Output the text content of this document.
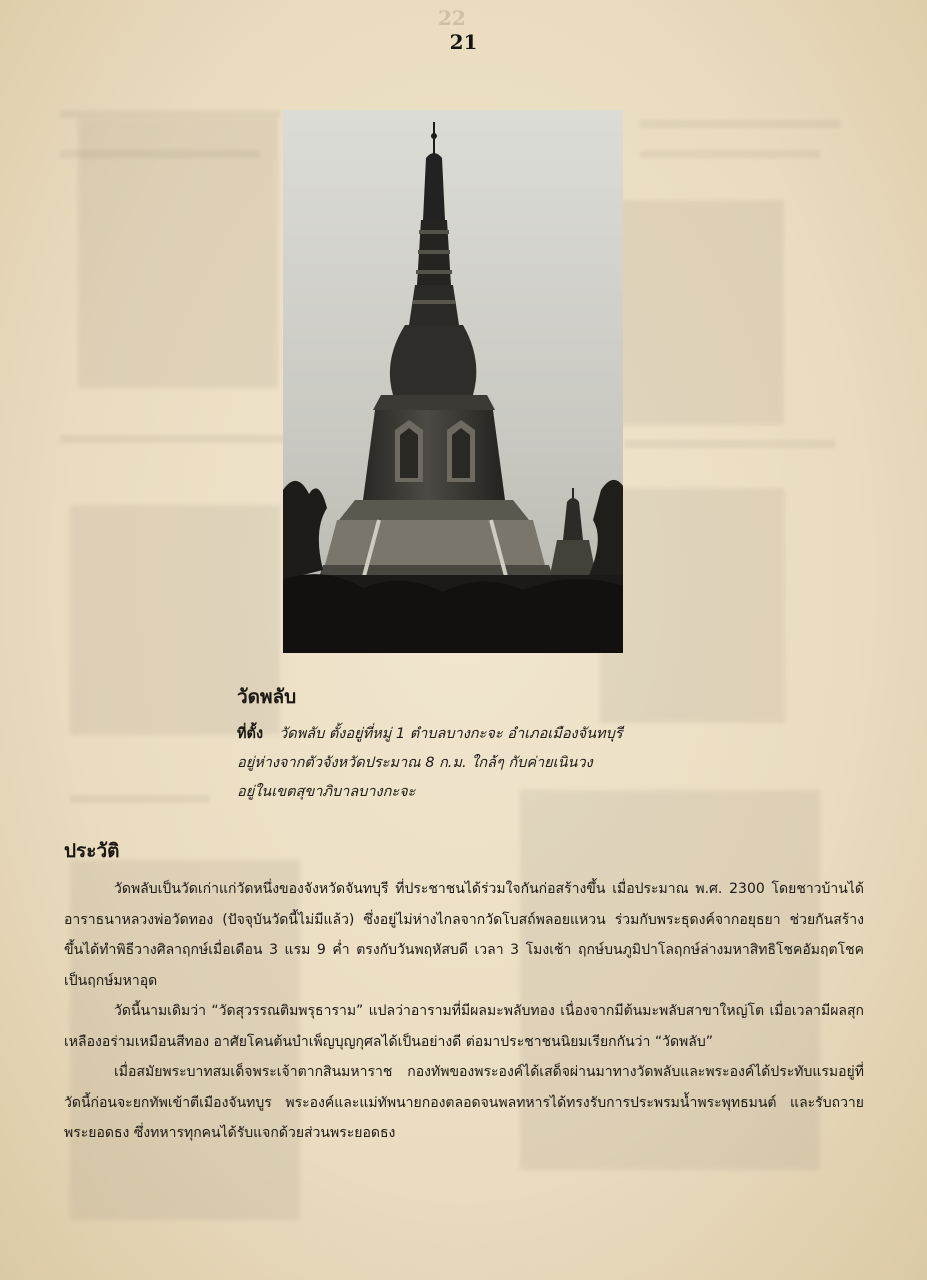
22
21
วัดพลับ
ที่ตั้ง วัดพลับ ตั้งอยู่ที่หมู่ 1 ตำบลบางกะจะ อำเภอเมืองจันทบุรี
อยู่ห่างจากตัวจังหวัดประมาณ 8 ก.ม. ใกล้ๆ กับค่ายเนินวง
อยู่ในเขตสุขาภิบาลบางกะจะ
ประวัติ

วัดพลับเป็นวัดเก่าแก่วัดหนึ่งของจังหวัดจันทบุรี ที่ประชาชนได้ร่วมใจกันก่อสร้างขึ้น เมื่อประมาณ พ.ศ. 2300 โดยชาวบ้านได้อาราธนาหลวงพ่อวัดทอง (ปัจจุบันวัดนี้ไม่มีแล้ว) ซึ่งอยู่ไม่ห่างไกลจากวัดโบสถ์พลอยแหวน ร่วมกับพระธุดงค์จากอยุธยา ช่วยกันสร้างขึ้นได้ทำพิธีวางศิลาฤกษ์เมื่อเดือน 3 แรม 9 ค่ำ ตรงกับวันพฤหัสบดี เวลา 3 โมงเช้า ฤกษ์บนภูมิปาโลฤกษ์ล่างมหาสิทธิโชคอัมฤตโชคเป็นฤกษ์มหาอุด

วัดนี้นามเดิมว่า “วัดสุวรรณติมพรุธาราม” แปลว่าอารามที่มีผลมะพลับทอง เนื่องจากมีต้นมะพลับสาขาใหญ่โต เมื่อเวลามีผลสุกเหลืองอร่ามเหมือนสีทอง อาศัยโคนต้นบำเพ็ญบุญกุศลได้เป็นอย่างดี ต่อมาประชาชนนิยมเรียกกันว่า “วัดพลับ”

เมื่อสมัยพระบาทสมเด็จพระเจ้าตากสินมหาราช กองทัพของพระองค์ได้เสด็จผ่านมาทางวัดพลับและพระองค์ได้ประทับแรมอยู่ที่วัดนี้ก่อนจะยกทัพเข้าตีเมืองจันทบูร พระองค์และแม่ทัพนายกองตลอดจนพลทหารได้ทรงรับการประพรมน้ำพระพุทธมนต์ และรับถวายพระยอดธง ซึ่งทหารทุกคนได้รับแจกด้วยส่วนพระยอดธง
